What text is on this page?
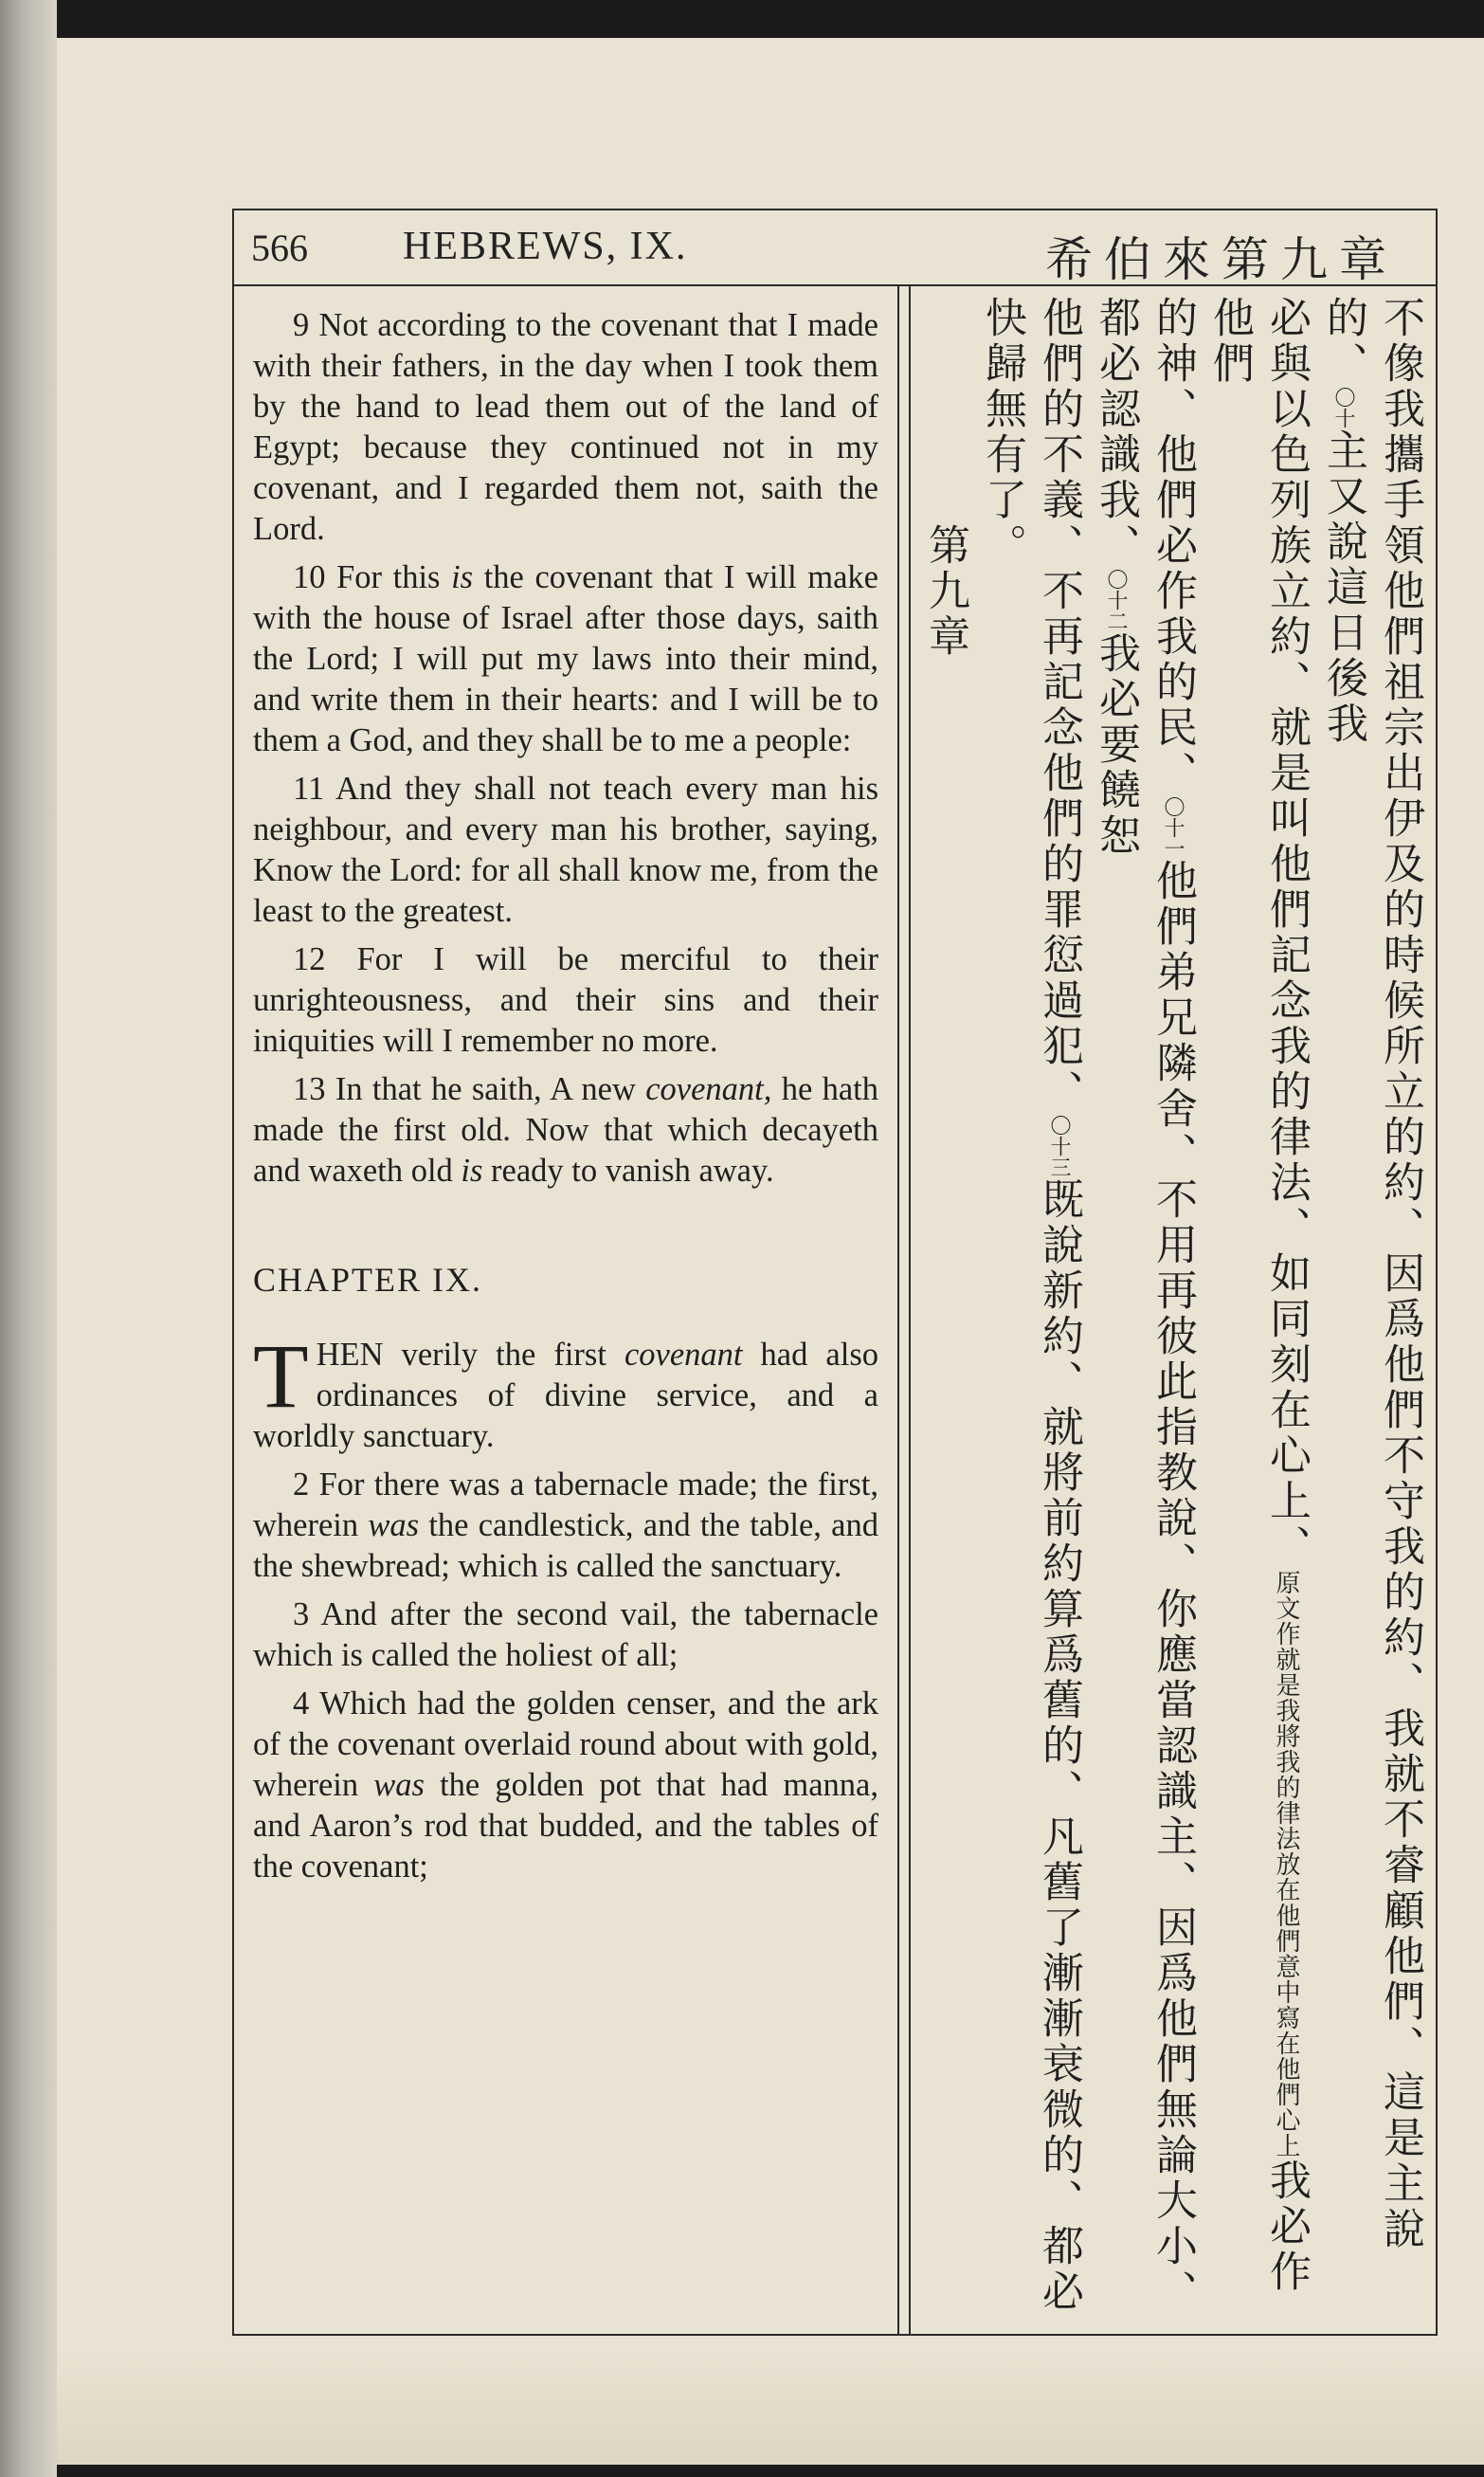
566 HEBREWS, IX.	希伯來第九章

9 Not according to the covenant that I made with their fathers, in the day when I took them by the hand to lead them out of the land of Egypt; because they continued not in my covenant, and I regarded them not, saith the Lord.

10 For this is the covenant that I will make with the house of Israel after those days, saith the Lord; I will put my laws into their mind, and write them in their hearts: and I will be to them a God, and they shall be to me a people:

11 And they shall not teach every man his neighbour, and every man his brother, saying, Know the Lord: for all shall know me, from the least to the greatest.

12 For I will be merciful to their unrighteousness, and their sins and their iniquities will I remember no more.

13 In that he saith, A new covenant, he hath made the first old. Now that which decayeth and waxeth old is ready to vanish away.

CHAPTER IX.

THEN verily the first covenant had also ordinances of divine service, and a worldly sanctuary.

2 For there was a tabernacle made; the first, wherein was the candlestick, and the table, and the shewbread; which is called the sanctuary.

3 And after the second vail, the tabernacle which is called the holiest of all;

4 Which had the golden censer, and the ark of the covenant overlaid round about with gold, wherein was the golden pot that had manna, and Aaron’s rod that budded, and the tables of the covenant;	不像我攜手領他們祖宗出伊及的時候所立的約、因爲他們不守我的約、我就不睿顧他們、這是主說的、〇十主又說這日後我

必與以色列族立約、就是叫他們記念我的律法、如同刻在心上、原文作就是我將我的律法放在他們意中寫在他們心上我必作他們

的神、他們必作我的民、〇十一他們弟兄隣舍、不用再彼此指教說、你應當認識主、因爲他們無論大小、都必認識我、〇十二我必要饒恕

他們的不義、不再記念他們的罪愆過犯、〇十三既說新約、就將前約算爲舊的、凡舊了漸漸衰微的、都必快歸無有了。

第九章
